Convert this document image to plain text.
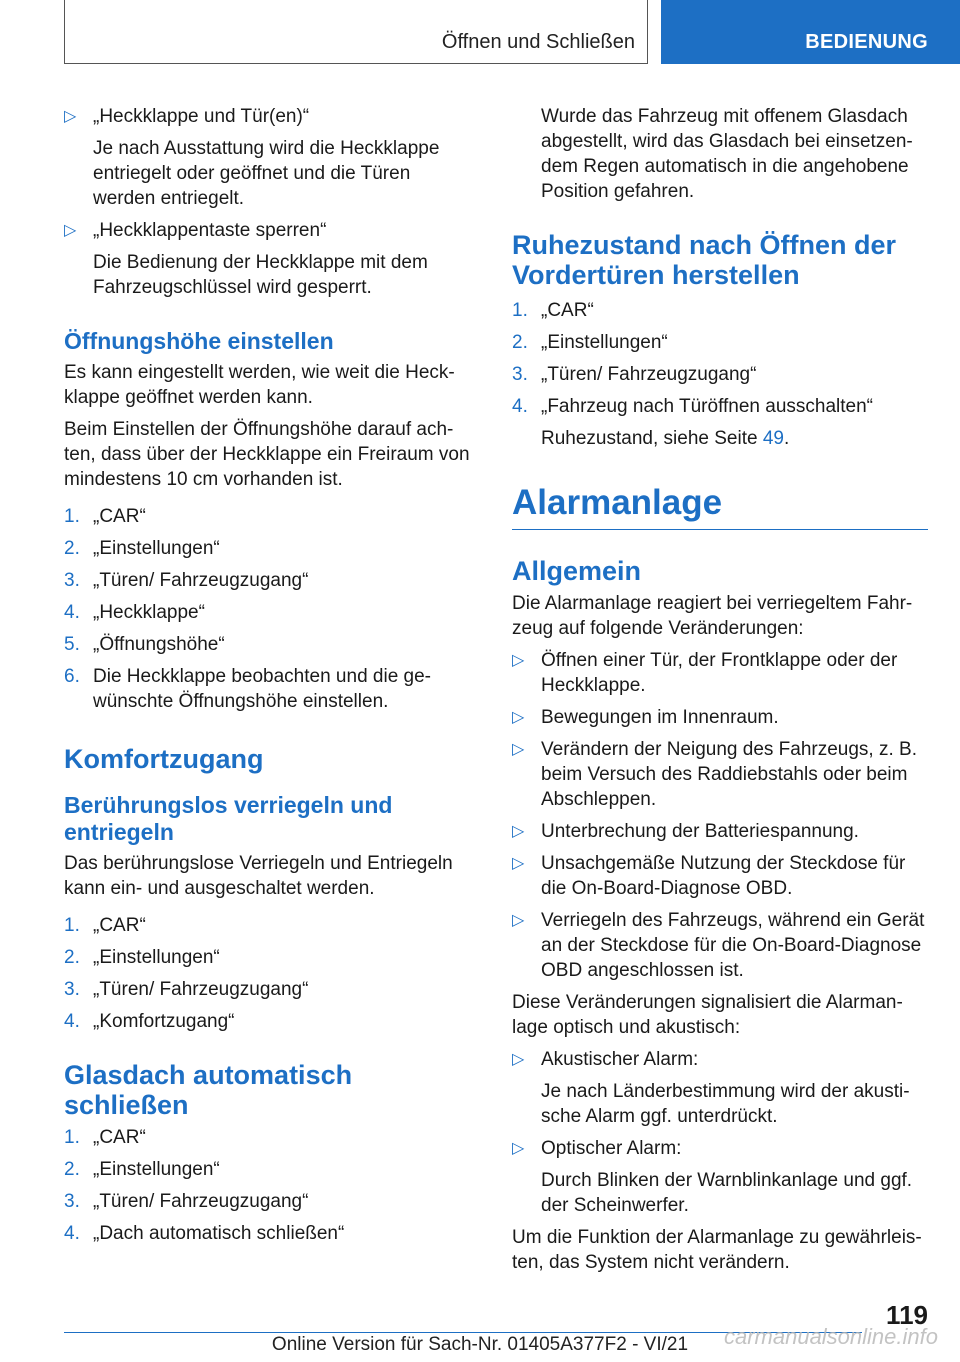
Öffnen und Schließen	BEDIENUNG
▷ „Heckklappe und Tür(en)“
Je nach Ausstattung wird die Heckklappe entriegelt oder geöffnet und die Türen werden entriegelt.
▷ „Heckklappentaste sperren“
Die Bedienung der Heckklappe mit dem Fahrzeugschlüssel wird gesperrt.
Öffnungshöhe einstellen

Es kann eingestellt werden, wie weit die Heck-klappe geöffnet werden kann.

Beim Einstellen der Öffnungshöhe darauf ach-ten, dass über der Heckklappe ein Freiraum von mindestens 10 cm vorhanden ist.

1. „CAR“
2. „Einstellungen“
3. „Türen/ Fahrzeugzugang“
4. „Heckklappe“
5. „Öffnungshöhe“
6. Die Heckklappe beobachten und die ge-wünschte Öffnungshöhe einstellen.
Komfortzugang
Berührungslos verriegeln und entriegeln

Das berührungslose Verriegeln und Entriegeln kann ein- und ausgeschaltet werden.

1. „CAR“
2. „Einstellungen“
3. „Türen/ Fahrzeugzugang“
4. „Komfortzugang“
Glasdach automatisch schließen
1. „CAR“
2. „Einstellungen“
3. „Türen/ Fahrzeugzugang“
4. „Dach automatisch schließen“

Wurde das Fahrzeug mit offenem Glasdach abgestellt, wird das Glasdach bei einsetzen-dem Regen automatisch in die angehobene Position gefahren.

Ruhezustand nach Öffnen der Vordertüren herstellen
1. „CAR“
2. „Einstellungen“
3. „Türen/ Fahrzeugzugang“
4. „Fahrzeug nach Türöffnen ausschalten“
Ruhezustand, siehe Seite 49.
Alarmanlage
Allgemein

Die Alarmanlage reagiert bei verriegeltem Fahr-zeug auf folgende Veränderungen:

▷ Öffnen einer Tür, der Frontklappe oder der Heckklappe.
▷ Bewegungen im Innenraum.
▷ Verändern der Neigung des Fahrzeugs, z. B. beim Versuch des Raddiebstahls oder beim Abschleppen.
▷ Unterbrechung der Batteriespannung.
▷ Unsachgemäße Nutzung der Steckdose für die On-Board-Diagnose OBD.
▷ Verriegeln des Fahrzeugs, während ein Gerät an der Steckdose für die On-Board-Diagnose OBD angeschlossen ist.

Diese Veränderungen signalisiert die Alarman-lage optisch und akustisch:

▷ Akustischer Alarm:
Je nach Länderbestimmung wird der akusti-sche Alarm ggf. unterdrückt.
▷ Optischer Alarm:
Durch Blinken der Warnblinkanlage und ggf. der Scheinwerfer.

Um die Funktion der Alarmanlage zu gewährleis-ten, das System nicht verändern.

119
Online Version für Sach-Nr. 01405A377F2 - VI/21	carmanualsonline.info
